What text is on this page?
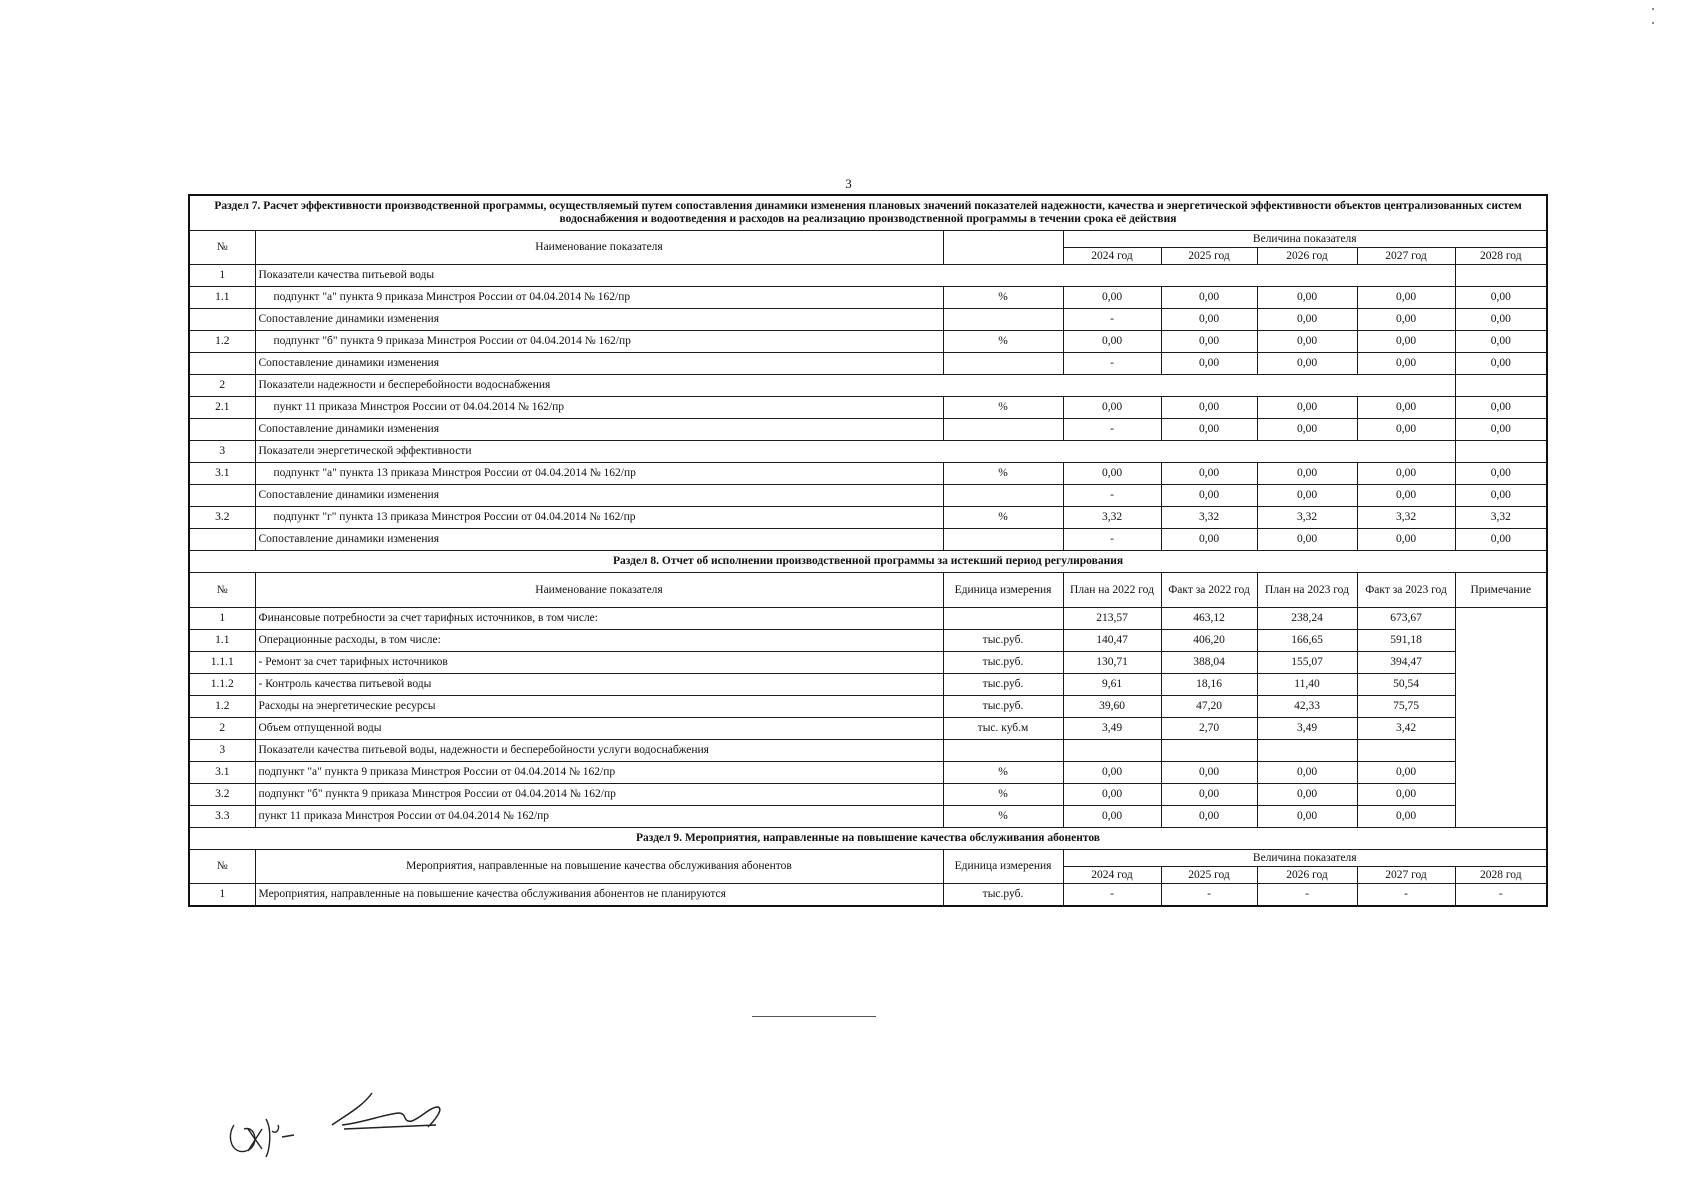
3
Раздел 7. Расчет эффективности производственной программы, осуществляемый путем сопоставления динамики изменения плановых значений показателей надежности, качества и энергетической эффективности объектов централизованных систем водоснабжения и водоотведения и расходов на реализацию производственной программы в течении срока её действия							
№	Наименование показателя		Величина показателя				
			2024 год	2025 год	2026 год	2027 год	2028 год
1	Показатели качества питьевой воды						
1.1	подпункт "а" пункта 9 приказа Минстроя России от 04.04.2014 № 162/пр	%	0,00	0,00	0,00	0,00	0,00
	Сопоставление динамики изменения		-	0,00	0,00	0,00	0,00
1.2	подпункт "б" пункта 9 приказа Минстроя России от 04.04.2014 № 162/пр	%	0,00	0,00	0,00	0,00	0,00
	Сопоставление динамики изменения		-	0,00	0,00	0,00	0,00
2	Показатели надежности и бесперебойности водоснабжения						
2.1	пункт 11 приказа Минстроя России от 04.04.2014 № 162/пр	%	0,00	0,00	0,00	0,00	0,00
	Сопоставление динамики изменения		-	0,00	0,00	0,00	0,00
3	Показатели энергетической эффективности						
3.1	подпункт "а" пункта 13 приказа Минстроя России от 04.04.2014 № 162/пр	%	0,00	0,00	0,00	0,00	0,00
	Сопоставление динамики изменения		-	0,00	0,00	0,00	0,00
3.2	подпункт "г" пункта 13 приказа Минстроя России от 04.04.2014 № 162/пр	%	3,32	3,32	3,32	3,32	3,32
	Сопоставление динамики изменения		-	0,00	0,00	0,00	0,00
Раздел 8. Отчет об исполнении производственной программы за истекший период регулирования							
№	Наименование показателя	Единица измерения	План на 2022 год	Факт за 2022 год	План на 2023 год	Факт за 2023 год	Примечание
1	Финансовые потребности за счет тарифных источников, в том числе:		213,57	463,12	238,24	673,67	
1.1	Операционные расходы, в том числе:	тыс.руб.	140,47	406,20	166,65	591,18	
1.1.1	- Ремонт за счет тарифных источников	тыс.руб.	130,71	388,04	155,07	394,47	
1.1.2	- Контроль качества питьевой воды	тыс.руб.	9,61	18,16	11,40	50,54	
1.2	Расходы на энергетические ресурсы	тыс.руб.	39,60	47,20	42,33	75,75	
2	Объем отпущенной воды	тыс. куб.м	3,49	2,70	3,49	3,42	
3	Показатели качества питьевой воды, надежности и бесперебойности услуги водоснабжения						
3.1	подпункт "а" пункта 9 приказа Минстроя России от 04.04.2014 № 162/пр	%	0,00	0,00	0,00	0,00	
3.2	подпункт "б" пункта 9 приказа Минстроя России от 04.04.2014 № 162/пр	%	0,00	0,00	0,00	0,00	
3.3	пункт 11 приказа Минстроя России от 04.04.2014 № 162/пр	%	0,00	0,00	0,00	0,00	
Раздел 9. Мероприятия, направленные на повышение качества обслуживания абонентов							
№	Мероприятия, направленные на повышение качества обслуживания абонентов	Единица измерения	Величина показателя				
			2024 год	2025 год	2026 год	2027 год	2028 год
1	Мероприятия, направленные на повышение качества обслуживания абонентов не планируются	тыс.руб.	-	-	-	-	-
